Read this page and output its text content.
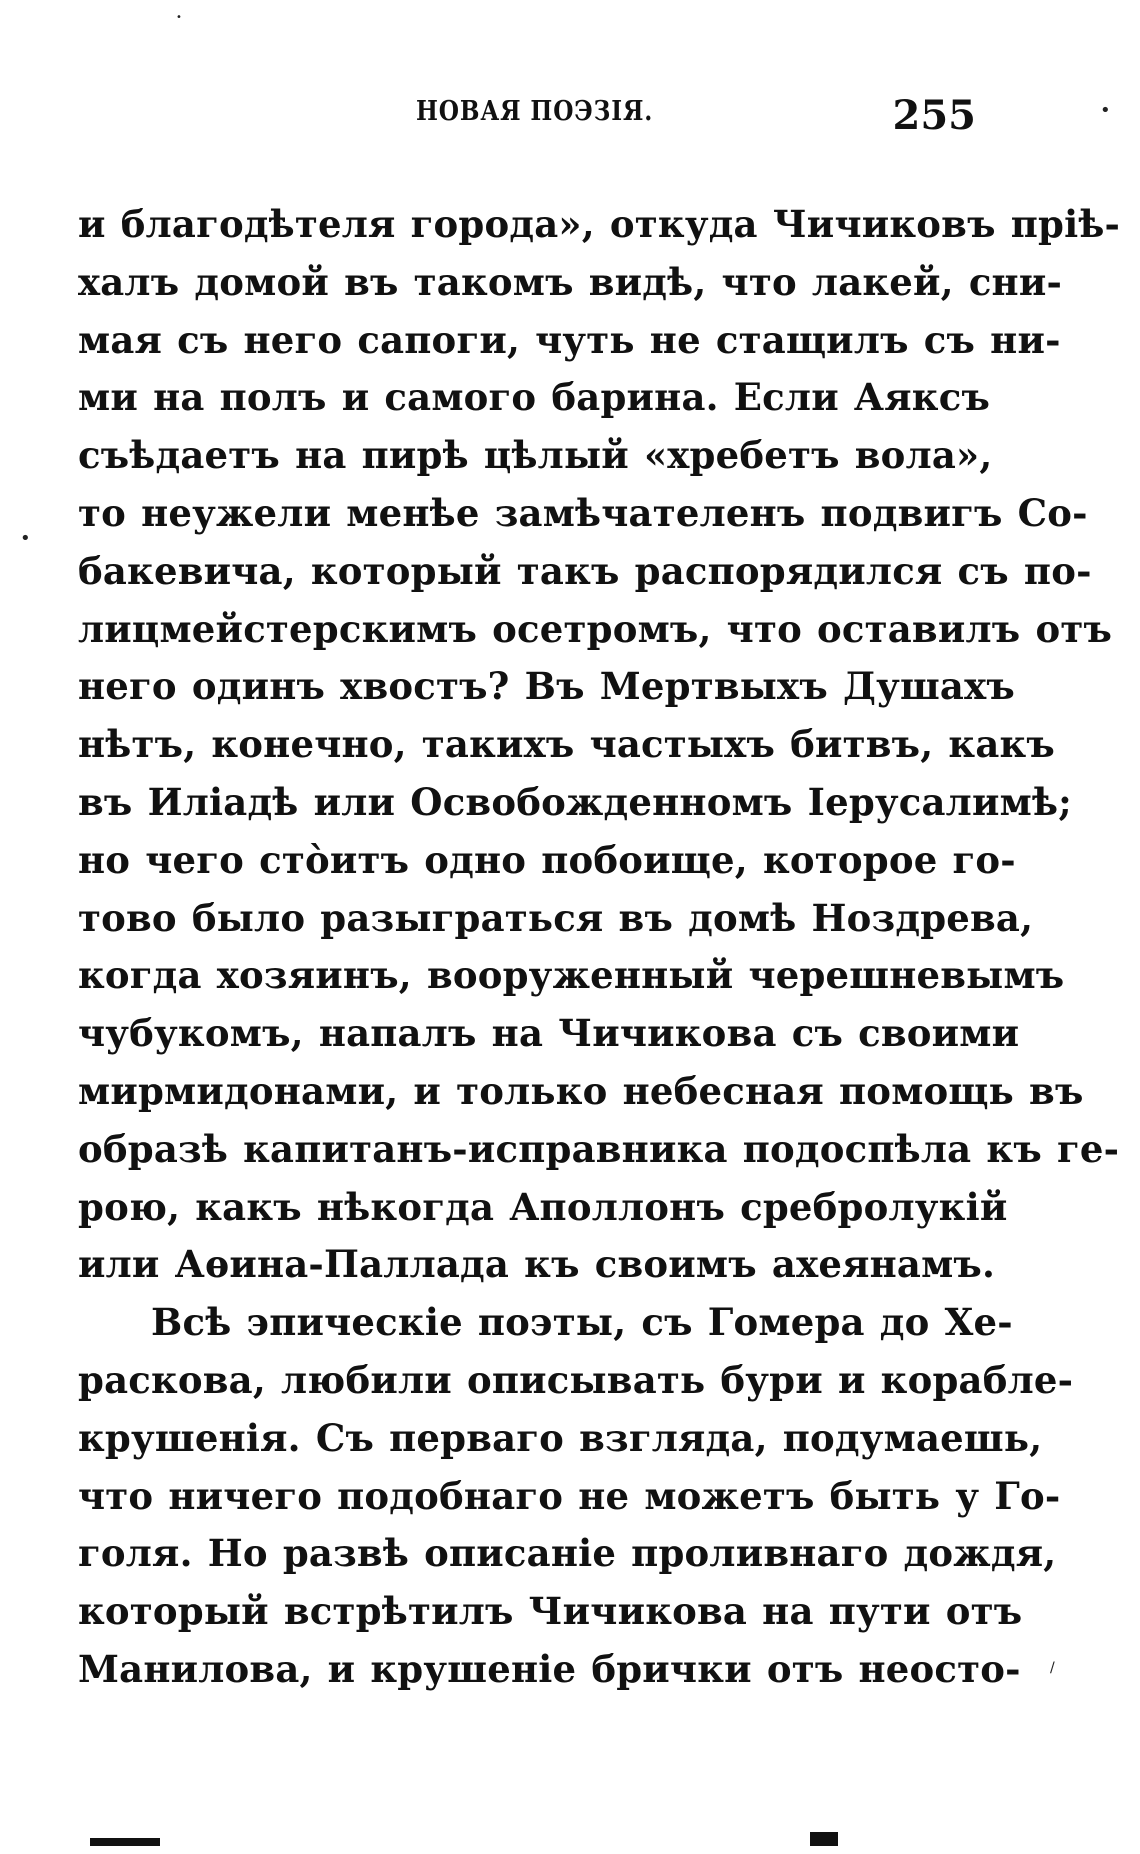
НОВАЯ ПОЭЗІЯ.	255
и благодѣтеля города», откуда Чичиковъ пріѣ-
халъ домой въ такомъ видѣ, что лакей, сни-
мая съ него сапоги, чуть не стащилъ съ ни-
ми на полъ и самого барина. Если Аяксъ
съѣдаетъ на пирѣ цѣлый «хребетъ вола»,
то неужели менѣе замѣчателенъ подвигъ Со-
бакевича, который такъ распорядился съ по-
лицмейстерскимъ осетромъ, что оставилъ отъ
него одинъ хвостъ? Въ Мертвыхъ Душахъ
нѣтъ, конечно, такихъ частыхъ битвъ, какъ
въ Иліадѣ или Освобожденномъ Іерусалимѣ;
но чего стòитъ одно побоище, которое го-
тово было разыграться въ домѣ Ноздрева,
когда хозяинъ, вооруженный черешневымъ
чубукомъ, напалъ на Чичикова съ своими
мирмидонами, и только небесная помощь въ
образѣ капитанъ-исправника подоспѣла къ ге-
рою, какъ нѣкогда Аполлонъ сребролукій
или Аѳина-Паллада къ своимъ ахеянамъ.
Всѣ эпическіе поэты, съ Гомера до Хе-
раскова, любили описывать бури и корабле-
крушенія. Съ перваго взгляда, подумаешь,
что ничего подобнаго не можетъ быть у Го-
голя. Но развѣ описаніе проливнаго дождя,
который встрѣтилъ Чичикова на пути отъ
Манилова, и крушеніе брички отъ неосто-
•
•
•
/
